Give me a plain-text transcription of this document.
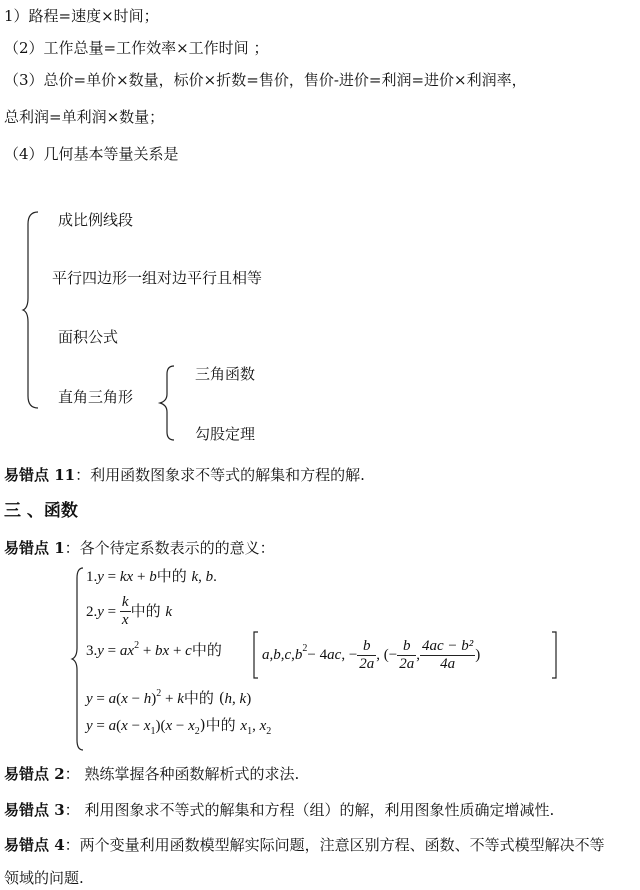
1）路程=速度×时间；
（2）工作总量=工作效率×工作时间 ；
（3）总价=单价×数量，标价×折数=售价，售价-进价=利润=进价×利润率，
总利润=单利润×数量；
（4）几何基本等量关系是
成比例线段
平行四边形一组对边平行且相等
面积公式
直角三角形
三角函数
勾股定理
易错点 11：利用函数图象求不等式的解集和方程的解.
三 、函数
易错点 1：各个待定系数表示的的意义：
1.y = kx + b中的 k, b.
$2.y = \frac{k}{x}$ 中的 k
$3.y = ax^2$ + bx + c中的	a , b , c , b 2 − 4 ac , − $\frac{b}{2a}$ , (− $\frac{b}{2a}$ , $\frac{\text{4ac − b²}}{4a}$ )
$y = a(x - h)^2 + k$中的 (h, k)
$y = a(x - x_1)(x - x_2)$中的 $x_1$, $x_2$
易错点 2： 熟练掌握各种函数解析式的求法.
易错点 3： 利用图象求不等式的解集和方程（组）的解，利用图象性质确定增减性.
易错点 4：两个变量利用函数模型解实际问题，注意区别方程、函数、不等式模型解决不等
领域的问题.
